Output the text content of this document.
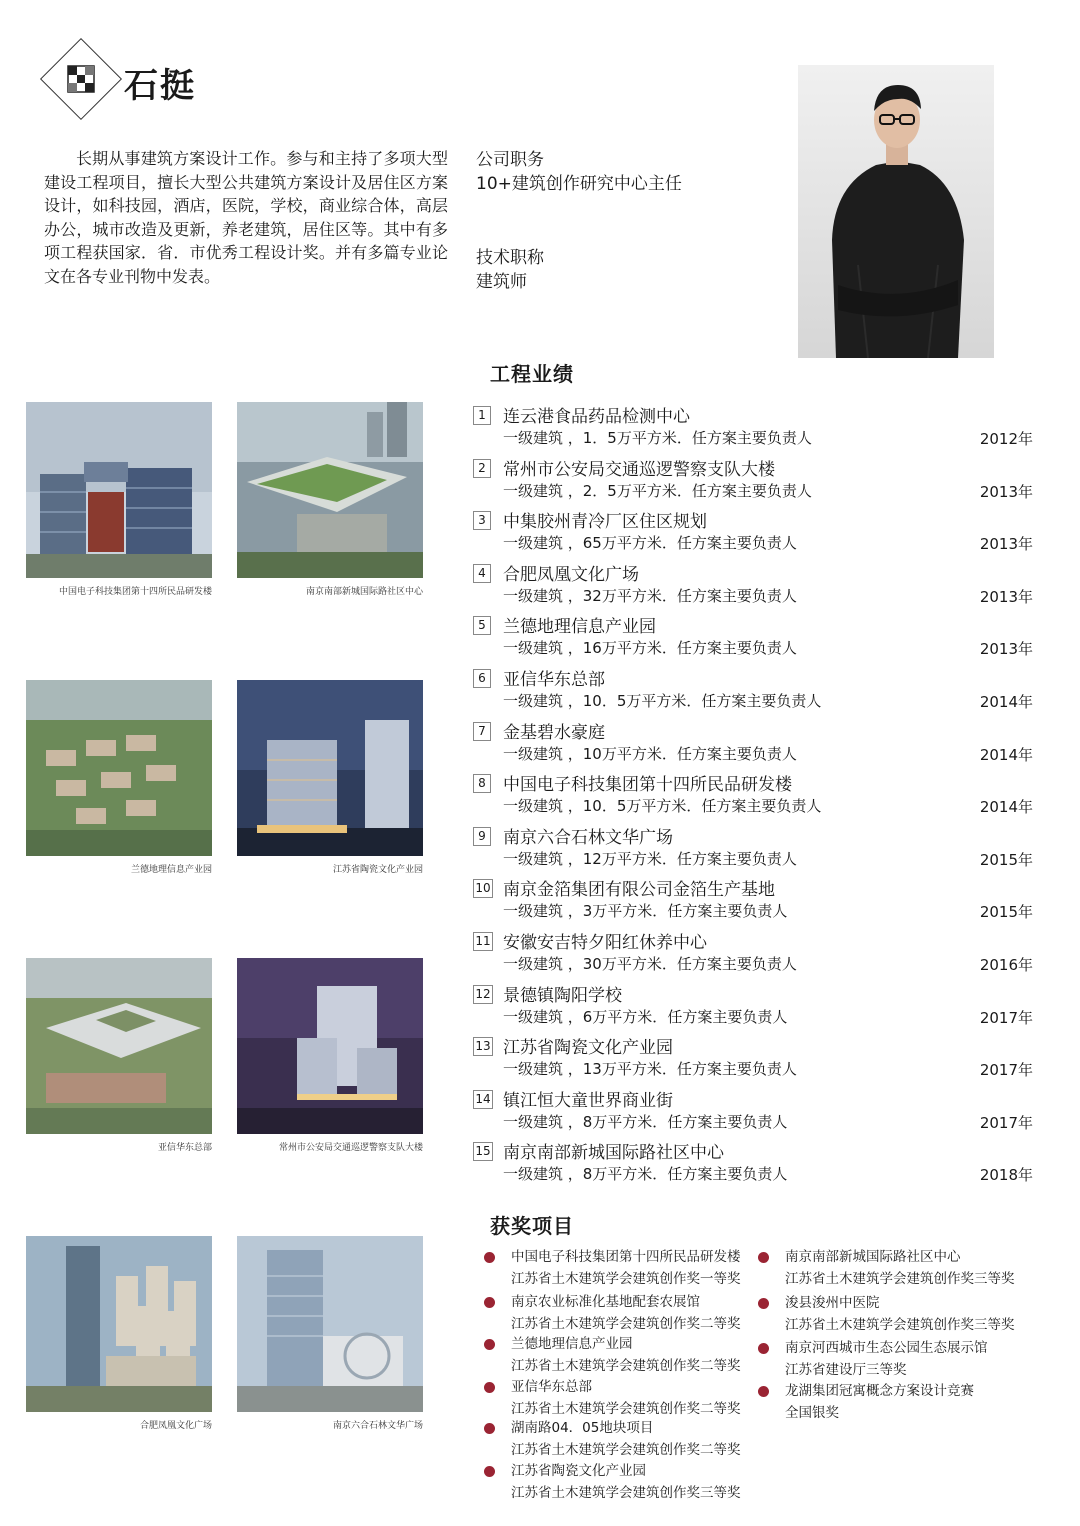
石挺
长期从事建筑方案设计工作。参与和主持了多项大型建设工程项目，擅长大型公共建筑方案设计及居住区方案设计，如科技园，酒店，医院，学校，商业综合体，高层办公，城市改造及更新，养老建筑，居住区等。其中有多项工程获国家．省．市优秀工程设计奖。并有多篇专业论文在各专业刊物中发表。
公司职务
10+建筑创作研究中心主任
技术职称
建筑师
工程业绩
1	连云港食品药品检测中心
一级建筑 ，1．5万平方米．任方案主要负责人	2012年
2	常州市公安局交通巡逻警察支队大楼
一级建筑 ，2．5万平方米．任方案主要负责人	2013年
3	中集胶州青冷厂区住区规划
一级建筑 ，65万平方米．任方案主要负责人	2013年
4	合肥凤凰文化广场
一级建筑 ，32万平方米．任方案主要负责人	2013年
5	兰德地理信息产业园
一级建筑 ，16万平方米．任方案主要负责人	2013年
6	亚信华东总部
一级建筑 ，10．5万平方米．任方案主要负责人	2014年
7	金基碧水豪庭
一级建筑 ，10万平方米．任方案主要负责人	2014年
8	中国电子科技集团第十四所民品研发楼
一级建筑 ，10．5万平方米．任方案主要负责人	2014年
9	南京六合石林文华广场
一级建筑 ，12万平方米．任方案主要负责人	2015年
10 南京金箔集团有限公司金箔生产基地
一级建筑 ，3万平方米．任方案主要负责人	2015年
11 安徽安吉特夕阳红休养中心
一级建筑 ，30万平方米．任方案主要负责人	2016年
12 景德镇陶阳学校
一级建筑 ，6万平方米．任方案主要负责人	2017年
13 江苏省陶瓷文化产业园
一级建筑 ，13万平方米．任方案主要负责人	2017年
14 镇江恒大童世界商业街
一级建筑 ，8万平方米．任方案主要负责人	2017年
15 南京南部新城国际路社区中心
一级建筑 ，8万平方米．任方案主要负责人	2018年
获奖项目
中国电子科技集团第十四所民品研发楼
江苏省土木建筑学会建筑创作奖一等奖
南京农业标准化基地配套农展馆
江苏省土木建筑学会建筑创作奖二等奖
兰德地理信息产业园
江苏省土木建筑学会建筑创作奖二等奖
亚信华东总部
江苏省土木建筑学会建筑创作奖二等奖
湖南路04．05地块项目
江苏省土木建筑学会建筑创作奖二等奖
江苏省陶瓷文化产业园
江苏省土木建筑学会建筑创作奖三等奖
南京南部新城国际路社区中心
江苏省土木建筑学会建筑创作奖三等奖
浚县浚州中医院
江苏省土木建筑学会建筑创作奖三等奖
南京河西城市生态公园生态展示馆
江苏省建设厅三等奖
龙湖集团冠寓概念方案设计竞赛
全国银奖
中国电子科技集团第十四所民品研发楼	南京南部新城国际路社区中心
兰德地理信息产业园	江苏省陶瓷文化产业园
亚信华东总部	常州市公安局交通巡逻警察支队大楼
合肥凤凰文化广场	南京六合石林文华广场
